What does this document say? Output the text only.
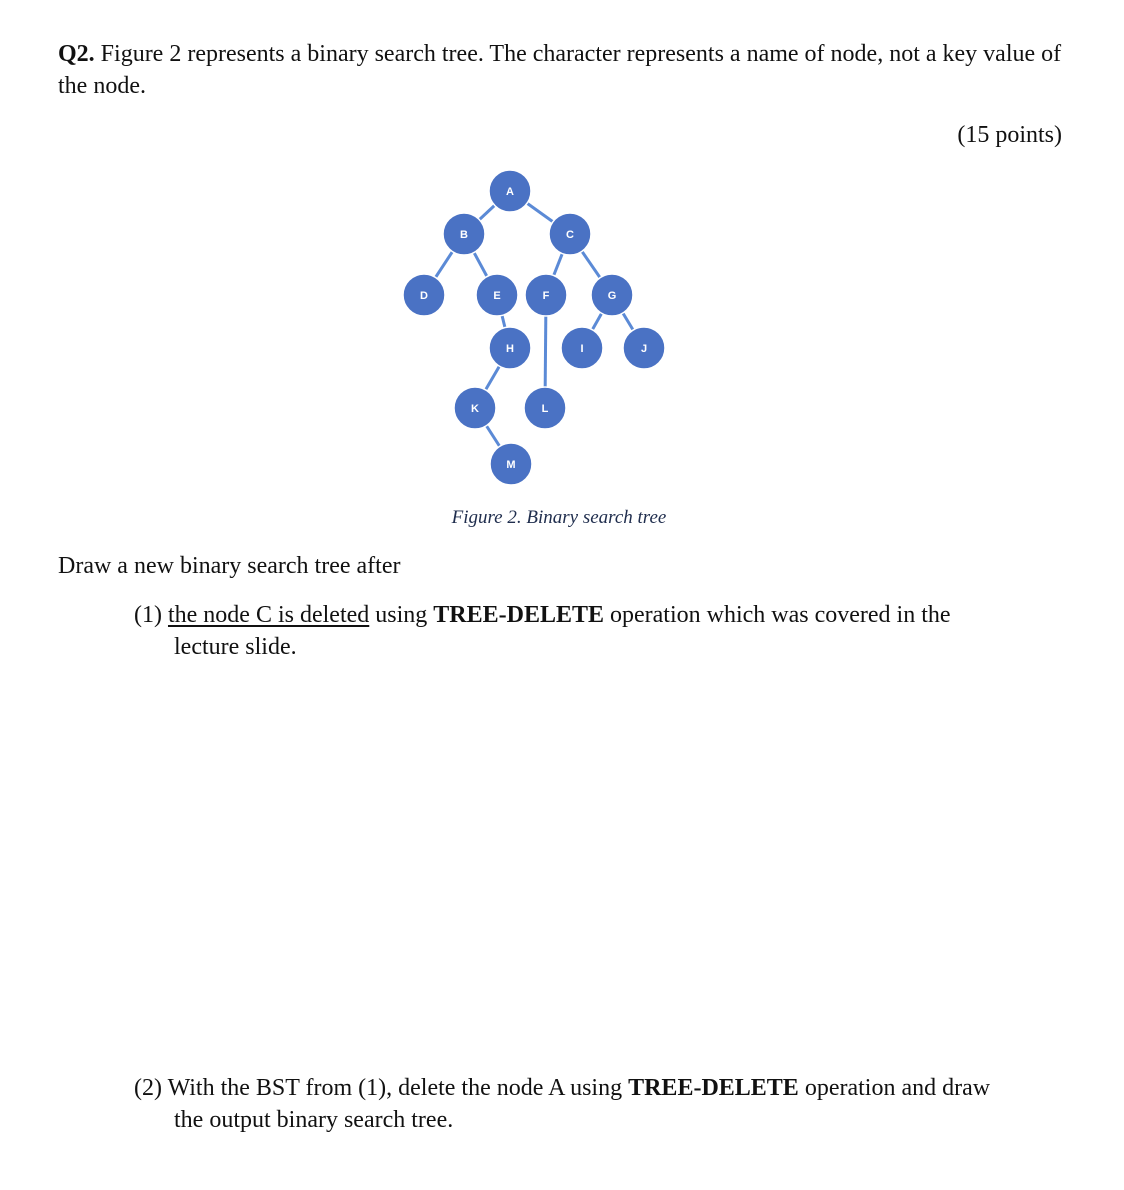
Q2. Figure 2 represents a binary search tree. The character represents a name of node, not a key value of the node.

(15 points)
A
B	C
D	E	F	G
H	I	J
K	L
M
Figure 2. Binary search tree
Draw a new binary search tree after
(1) the node C is deleted using TREE-DELETE operation which was covered in the
lecture slide.
(2) With the BST from (1), delete the node A using TREE-DELETE operation and draw
the output binary search tree.
